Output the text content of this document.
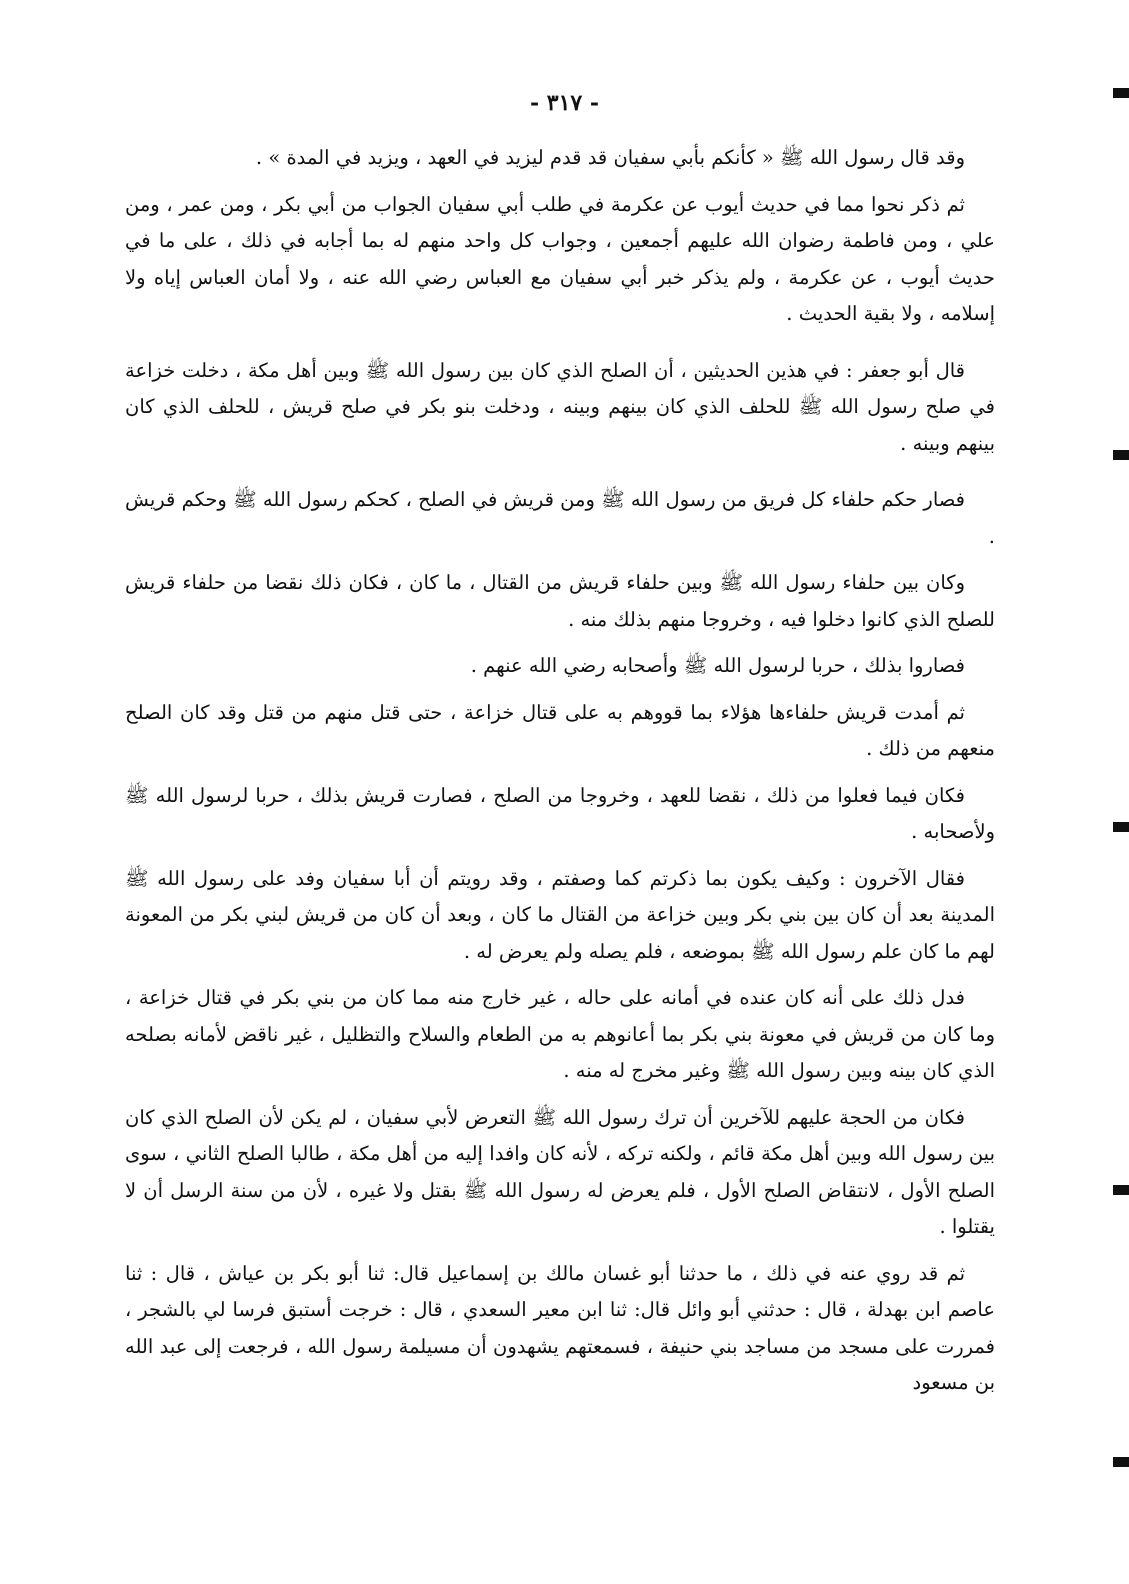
- ٣١٧ -

وقد قال رسول الله ﷺ « كأنكم بأبي سفيان قد قدم ليزيد في العهد ، ويزيد في المدة » .

ثم ذكر نحوا مما في حديث أيوب عن عكرمة في طلب أبي سفيان الجواب من أبي بكر ، ومن عمر ، ومن علي ، ومن فاطمة رضوان الله عليهم أجمعين ، وجواب كل واحد منهم له بما أجابه في ذلك ، على ما في حديث أيوب ، عن عكرمة ، ولم يذكر خبر أبي سفيان مع العباس رضي الله عنه ، ولا أمان العباس إياه ولا إسلامه ، ولا بقية الحديث .

قال أبو جعفر : في هذين الحديثين ، أن الصلح الذي كان بين رسول الله ﷺ وبين أهل مكة ، دخلت خزاعة في صلح رسول الله ﷺ للحلف الذي كان بينهم وبينه ، ودخلت بنو بكر في صلح قريش ، للحلف الذي كان بينهم وبينه .

فصار حكم حلفاء كل فريق من رسول الله ﷺ ومن قريش في الصلح ، كحكم رسول الله ﷺ وحكم قريش .

وكان بين حلفاء رسول الله ﷺ وبين حلفاء قريش من القتال ، ما كان ، فكان ذلك نقضا من حلفاء قريش للصلح الذي كانوا دخلوا فيه ، وخروجا منهم بذلك منه .

فصاروا بذلك ، حربا لرسول الله ﷺ وأصحابه رضي الله عنهم .

ثم أمدت قريش حلفاءها هؤلاء بما قووهم به على قتال خزاعة ، حتى قتل منهم من قتل وقد كان الصلح منعهم من ذلك .

فكان فيما فعلوا من ذلك ، نقضا للعهد ، وخروجا من الصلح ، فصارت قريش بذلك ، حربا لرسول الله ﷺ ولأصحابه .

فقال الآخرون : وكيف يكون بما ذكرتم كما وصفتم ، وقد رويتم أن أبا سفيان وفد على رسول الله ﷺ المدينة بعد أن كان بين بني بكر وبين خزاعة من القتال ما كان ، وبعد أن كان من قريش لبني بكر من المعونة لهم ما كان علم رسول الله ﷺ بموضعه ، فلم يصله ولم يعرض له .

فدل ذلك على أنه كان عنده في أمانه على حاله ، غير خارج منه مما كان من بني بكر في قتال خزاعة ، وما كان من قريش في معونة بني بكر بما أعانوهم به من الطعام والسلاح والتظليل ، غير ناقض لأمانه بصلحه الذي كان بينه وبين رسول الله ﷺ وغير مخرج له منه .

فكان من الحجة عليهم للآخرين أن ترك رسول الله ﷺ التعرض لأبي سفيان ، لم يكن لأن الصلح الذي كان بين رسول الله وبين أهل مكة قائم ، ولكنه تركه ، لأنه كان وافدا إليه من أهل مكة ، طالبا الصلح الثاني ، سوى الصلح الأول ، لانتقاض الصلح الأول ، فلم يعرض له رسول الله ﷺ بقتل ولا غيره ، لأن من سنة الرسل أن لا يقتلوا .

ثم قد روي عنه في ذلك ، ما حدثنا أبو غسان مالك بن إسماعيل قال: ثنا أبو بكر بن عياش ، قال : ثنا عاصم ابن بهدلة ، قال : حدثني أبو وائل قال: ثنا ابن معير السعدي ، قال : خرجت أستبق فرسا لي بالشجر ، فمررت على مسجد من مساجد بني حنيفة ، فسمعتهم يشهدون أن مسيلمة رسول الله ، فرجعت إلى عبد الله بن مسعود
